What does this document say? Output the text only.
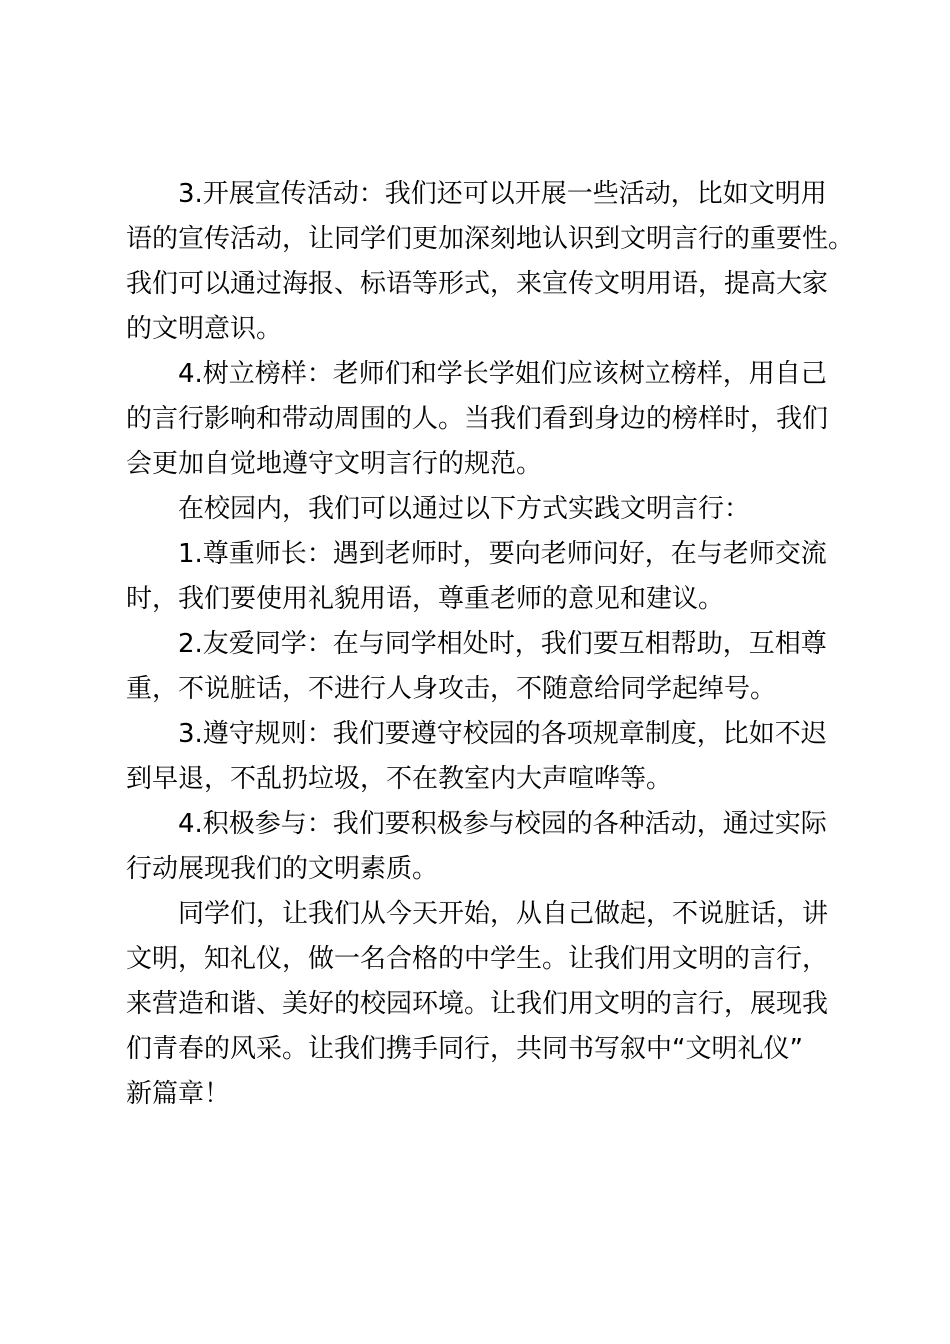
3.开展宣传活动：我们还可以开展一些活动，比如文明用
语的宣传活动，让同学们更加深刻地认识到文明言行的重要性。
我们可以通过海报、标语等形式，来宣传文明用语，提高大家
的文明意识。
4.树立榜样：老师们和学长学姐们应该树立榜样，用自己
的言行影响和带动周围的人。当我们看到身边的榜样时，我们
会更加自觉地遵守文明言行的规范。
在校园内，我们可以通过以下方式实践文明言行：
1.尊重师长：遇到老师时，要向老师问好，在与老师交流
时，我们要使用礼貌用语，尊重老师的意见和建议。
2.友爱同学：在与同学相处时，我们要互相帮助，互相尊
重，不说脏话，不进行人身攻击，不随意给同学起绰号。
3.遵守规则：我们要遵守校园的各项规章制度，比如不迟
到早退，不乱扔垃圾，不在教室内大声喧哗等。
4.积极参与：我们要积极参与校园的各种活动，通过实际
行动展现我们的文明素质。
同学们，让我们从今天开始，从自己做起，不说脏话，讲
文明，知礼仪，做一名合格的中学生。让我们用文明的言行，
来营造和谐、美好的校园环境。让我们用文明的言行，展现我
们青春的风采。让我们携手同行，共同书写叙中“文明礼仪”
新篇章！
